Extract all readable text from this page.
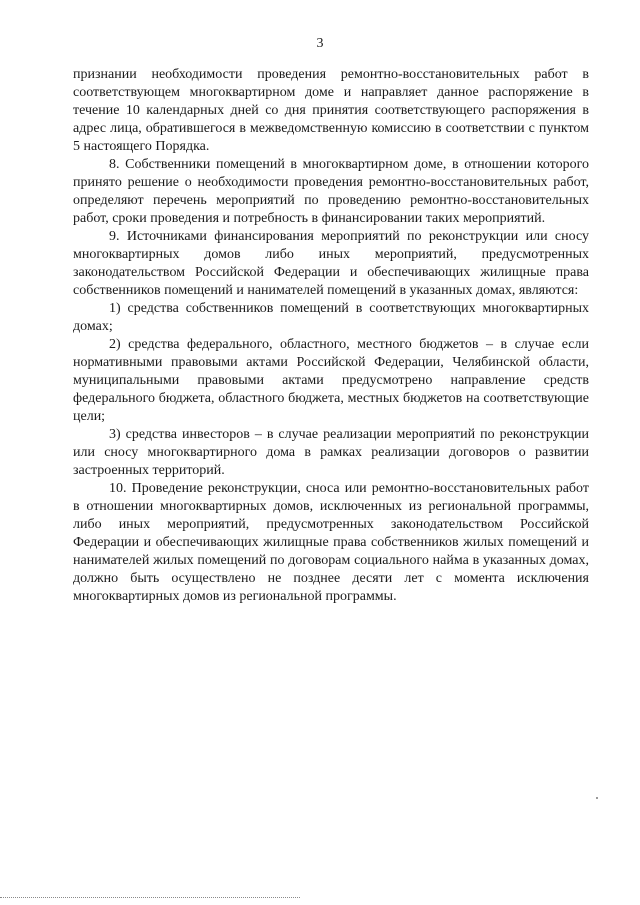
3

признании необходимости проведения ремонтно-восстановительных работ в соответствующем многоквартирном доме и направляет данное распоряжение в течение 10 календарных дней со дня принятия соответствующего распоряжения в адрес лица, обратившегося в межведомственную комиссию в соответствии с пунктом 5 настоящего Порядка.

8. Собственники помещений в многоквартирном доме, в отношении которого принято решение о необходимости проведения ремонтно-восстановительных работ, определяют перечень мероприятий по проведению ремонтно-восстановительных работ, сроки проведения и потребность в финансировании таких мероприятий.

9. Источниками финансирования мероприятий по реконструкции или сносу многоквартирных домов либо иных мероприятий, предусмотренных законодательством Российской Федерации и обеспечивающих жилищные права собственников помещений и нанимателей помещений в указанных домах, являются:

1) средства собственников помещений в соответствующих многоквартирных домах;

2) средства федерального, областного, местного бюджетов – в случае если нормативными правовыми актами Российской Федерации, Челябинской области, муниципальными правовыми актами предусмотрено направление средств федерального бюджета, областного бюджета, местных бюджетов на соответствующие цели;

3) средства инвесторов – в случае реализации мероприятий по реконструкции или сносу многоквартирного дома в рамках реализации договоров о развитии застроенных территорий.

10. Проведение реконструкции, сноса или ремонтно-восстановительных работ в отношении многоквартирных домов, исключенных из региональной программы, либо иных мероприятий, предусмотренных законодательством Российской Федерации и обеспечивающих жилищные права собственников жилых помещений и нанимателей жилых помещений по договорам социального найма в указанных домах, должно быть осуществлено не позднее десяти лет с момента исключения многоквартирных домов из региональной программы.
